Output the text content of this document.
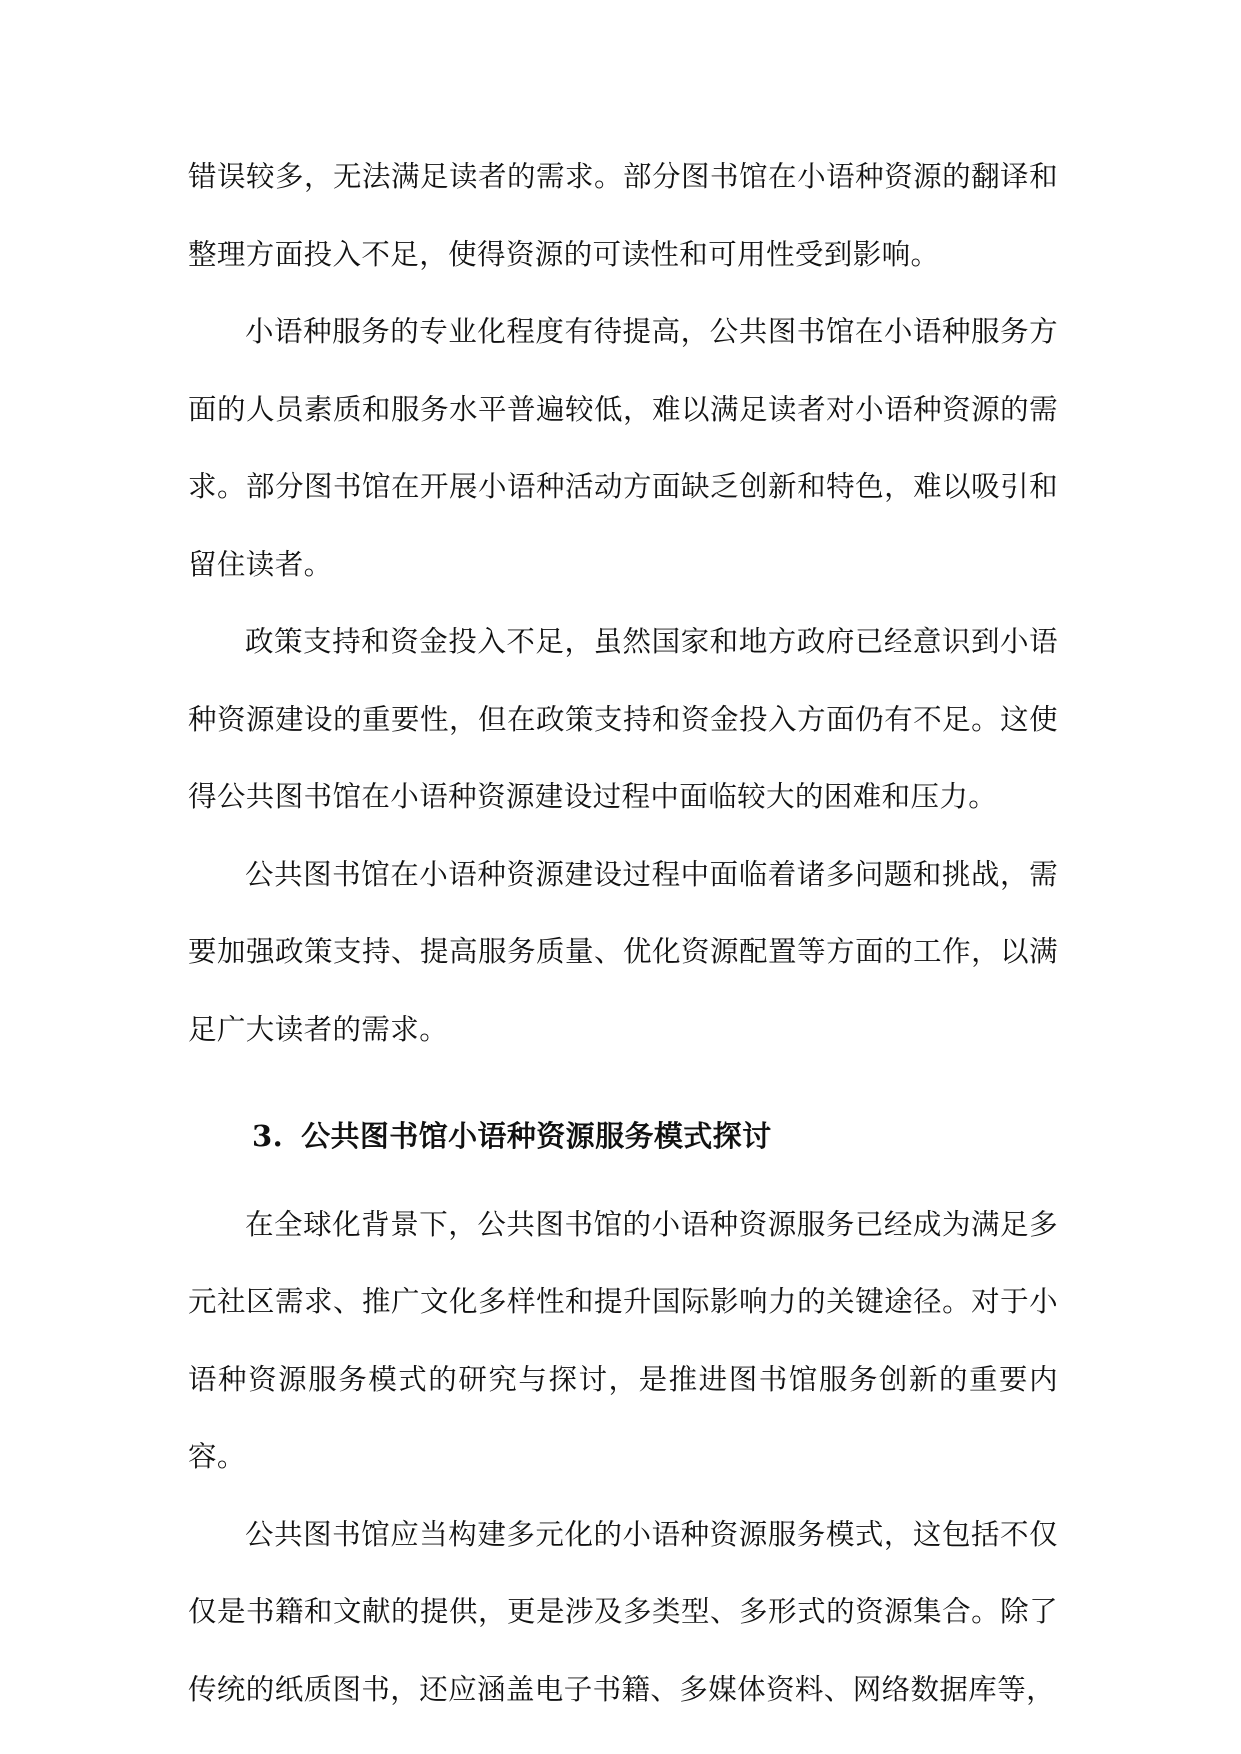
错误较多，无法满足读者的需求。部分图书馆在小语种资源的翻译和整理方面投入不足，使得资源的可读性和可用性受到影响。

小语种服务的专业化程度有待提高，公共图书馆在小语种服务方面的人员素质和服务水平普遍较低，难以满足读者对小语种资源的需求。部分图书馆在开展小语种活动方面缺乏创新和特色，难以吸引和留住读者。

政策支持和资金投入不足，虽然国家和地方政府已经意识到小语种资源建设的重要性，但在政策支持和资金投入方面仍有不足。这使得公共图书馆在小语种资源建设过程中面临较大的困难和压力。

公共图书馆在小语种资源建设过程中面临着诸多问题和挑战，需要加强政策支持、提高服务质量、优化资源配置等方面的工作，以满足广大读者的需求。

3. 公共图书馆小语种资源服务模式探讨

在全球化背景下，公共图书馆的小语种资源服务已经成为满足多元社区需求、推广文化多样性和提升国际影响力的关键途径。对于小语种资源服务模式的研究与探讨，是推进图书馆服务创新的重要内容。

公共图书馆应当构建多元化的小语种资源服务模式，这包括不仅仅是书籍和文献的提供，更是涉及多类型、多形式的资源集合。除了传统的纸质图书，还应涵盖电子书籍、多媒体资料、网络数据库等，
